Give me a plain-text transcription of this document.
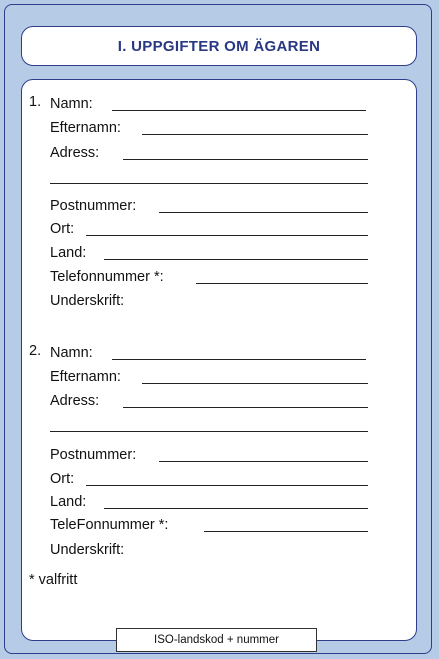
I. UPPGIFTER OM ÄGAREN
1. Namn:
Efternamn:
Adress:
Postnummer:
Ort:
Land:
Telefonnummer *:
Underskrift:
2. Namn:
Efternamn:
Adress:
Postnummer:
Ort:
Land:
TeleFonnummer *:
Underskrift:
* valfritt
ISO-landskod + nummer
